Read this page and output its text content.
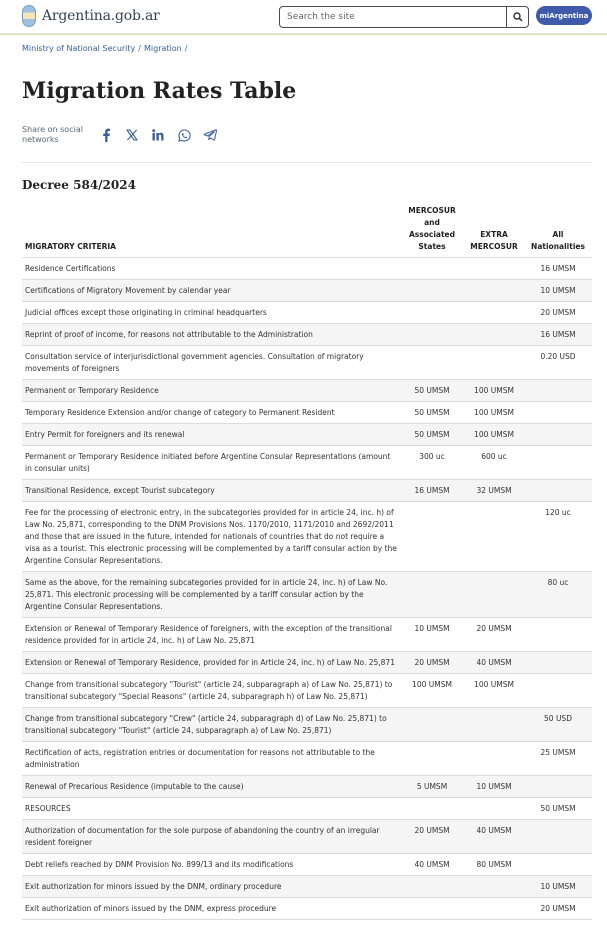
Argentina.gob.ar
Search the site	miArgentina
Ministry of National Security / Migration /
Migration Rates Table
Share on social networks
Decree 584/2024
MIGRATORY CRITERIA	MERCOSUR and Associated States	EXTRA MERCOSUR	All Nationalities
Residence Certifications			16 UMSM
Certifications of Migratory Movement by calendar year			10 UMSM
Judicial offices except those originating in criminal headquarters			20 UMSM
Reprint of proof of income, for reasons not attributable to the Administration			16 UMSM
Consultation service of interjurisdictional government agencies. Consultation of migratory movements of foreigners			0.20 USD
Permanent or Temporary Residence	50 UMSM	100 UMSM	
Temporary Residence Extension and/or change of category to Permanent Resident	50 UMSM	100 UMSM	
Entry Permit for foreigners and its renewal	50 UMSM	100 UMSM	
Permanent or Temporary Residence initiated before Argentine Consular Representations (amount in consular units)	300 uc	600 uc	
Transitional Residence, except Tourist subcategory	16 UMSM	32 UMSM	
Fee for the processing of electronic entry, in the subcategories provided for in article 24, inc. h) of Law No. 25,871, corresponding to the DNM Provisions Nos. 1170/2010, 1171/2010 and 2692/2011 and those that are issued in the future, intended for nationals of countries that do not require a visa as a tourist. This electronic processing will be complemented by a tariff consular action by the Argentine Consular Representations.			120 uc
Same as the above, for the remaining subcategories provided for in article 24, inc. h) of Law No. 25,871. This electronic processing will be complemented by a tariff consular action by the Argentine Consular Representations.			80 uc
Extension or Renewal of Temporary Residence of foreigners, with the exception of the transitional residence provided for in article 24, inc. h) of Law No. 25,871	10 UMSM	20 UMSM	
Extension or Renewal of Temporary Residence, provided for in Article 24, inc. h) of Law No. 25,871	20 UMSM	40 UMSM	
Change from transitional subcategory "Tourist" (article 24, subparagraph a) of Law No. 25,871) to transitional subcategory "Special Reasons" (article 24, subparagraph h) of Law No. 25,871)	100 UMSM	100 UMSM	
Change from transitional subcategory "Crew" (article 24, subparagraph d) of Law No. 25,871) to transitional subcategory "Tourist" (article 24, subparagraph a) of Law No. 25,871)			50 USD
Rectification of acts, registration entries or documentation for reasons not attributable to the administration			25 UMSM
Renewal of Precarious Residence (imputable to the cause)	5 UMSM	10 UMSM	
RESOURCES			50 UMSM
Authorization of documentation for the sole purpose of abandoning the country of an irregular resident foreigner	20 UMSM	40 UMSM	
Debt reliefs reached by DNM Provision No. 899/13 and its modifications	40 UMSM	80 UMSM	
Exit authorization for minors issued by the DNM, ordinary procedure			10 UMSM
Exit authorization of minors issued by the DNM, express procedure			20 UMSM
